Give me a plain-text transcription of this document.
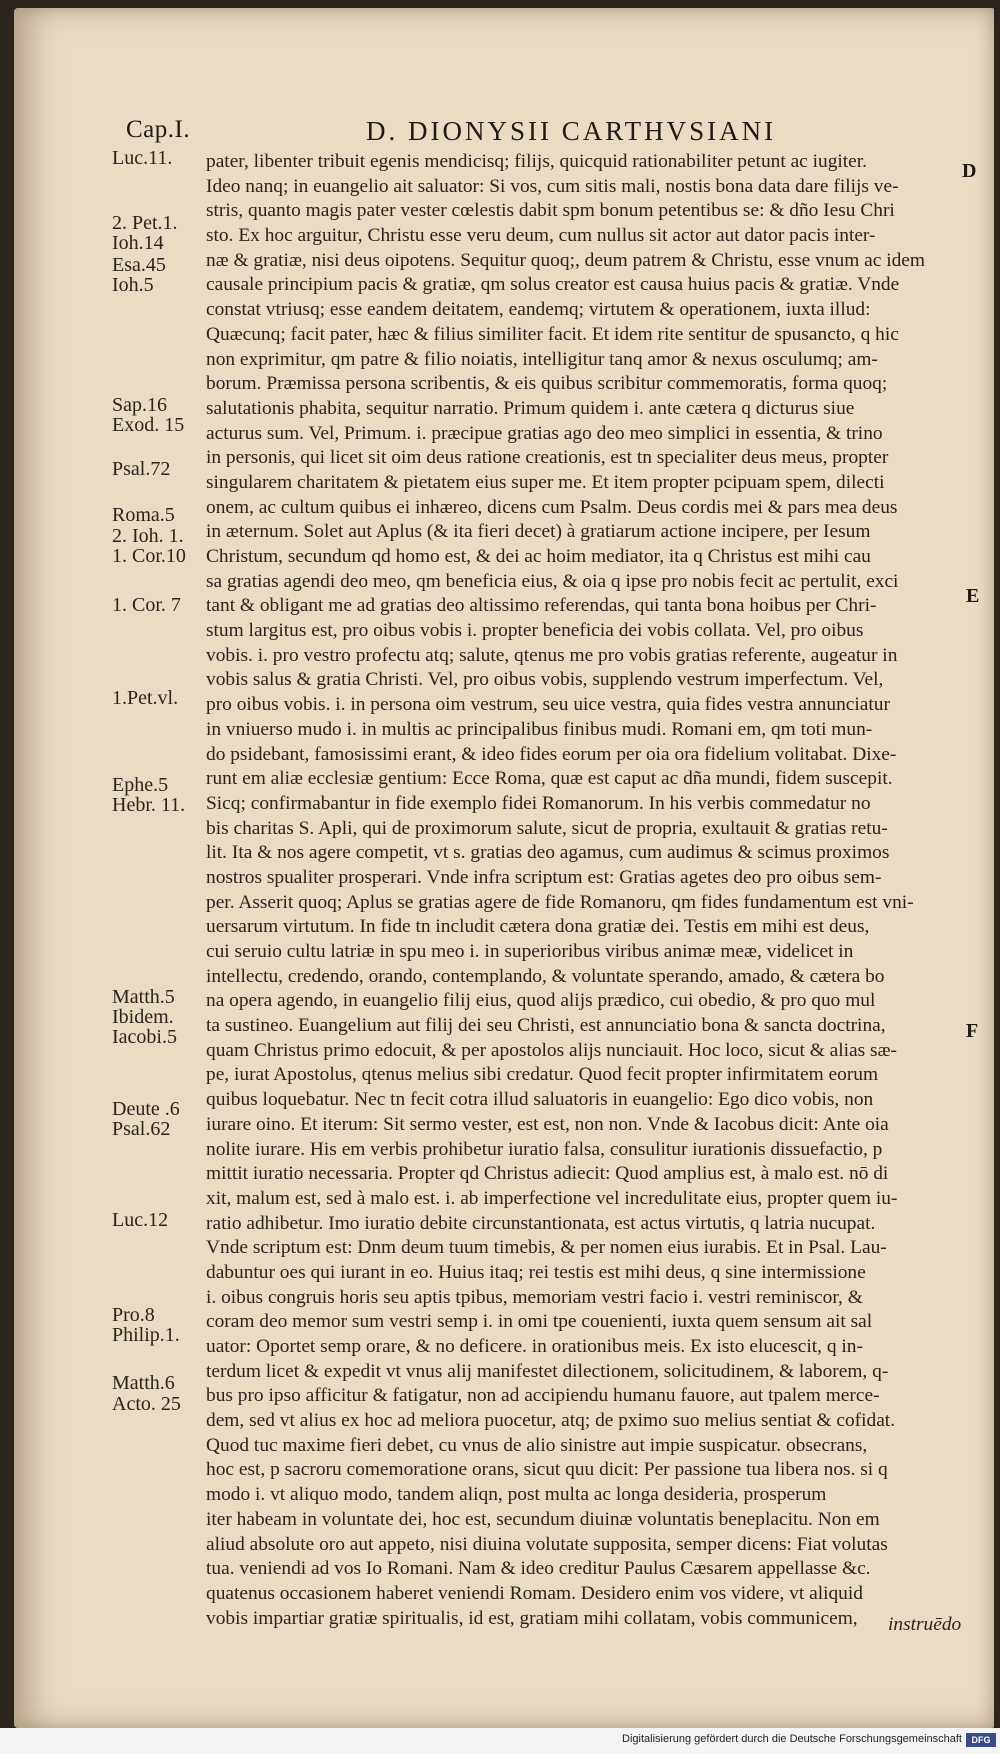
Cap.I.	D. DIONYSII CARTHVSIANI
Luc.11.
2. Pet.1.
Ioh.14
Esa.45
Ioh.5
Sap.16
Exod. 15
Psal.72
Roma.5
2. Ioh. 1.
1. Cor.10
1. Cor. 7
1.Pet.vl.
Ephe.5
Hebr. 11.
Matth.5
Ibidem.
Iacobi.5
Deute .6
Psal.62
Luc.12
Pro.8
Philip.1.
Matth.6
Acto. 25
D
E
F
pater, libenter tribuit egenis mendicisq; filijs, quicquid rationabiliter petunt ac iugiter.
Ideo nanq; in euangelio ait saluator: Si vos, cum sitis mali, nostis bona data dare filijs ve-
stris, quanto magis pater vester cœlestis dabit spm bonum petentibus se: & dño Iesu Chri
sto. Ex hoc arguitur, Christu esse veru deum, cum nullus sit actor aut dator pacis inter-
næ & gratiæ, nisi deus oipotens. Sequitur quoq;, deum patrem & Christu, esse vnum ac idem
causale principium pacis & gratiæ, qm solus creator est causa huius pacis & gratiæ. Vnde
constat vtriusq; esse eandem deitatem, eandemq; virtutem & operationem, iuxta illud:
Quæcunq; facit pater, hæc & filius similiter facit. Et idem rite sentitur de spusancto, q hic
non exprimitur, qm patre & filio noiatis, intelligitur tanq amor & nexus osculumq; am-
borum. Præmissa persona scribentis, & eis quibus scribitur commemoratis, forma quoq;
salutationis phabita, sequitur narratio. Primum quidem i. ante cætera q dicturus siue
acturus sum. Vel, Primum. i. præcipue gratias ago deo meo simplici in essentia, & trino
in personis, qui licet sit oim deus ratione creationis, est tn specialiter deus meus, propter
singularem charitatem & pietatem eius super me. Et item propter pcipuam spem, dilecti
onem, ac cultum quibus ei inhæreo, dicens cum Psalm. Deus cordis mei & pars mea deus
in æternum. Solet aut Aplus (& ita fieri decet) à gratiarum actione incipere, per Iesum
Christum, secundum qd homo est, & dei ac hoim mediator, ita q Christus est mihi cau
sa gratias agendi deo meo, qm beneficia eius, & oia q ipse pro nobis fecit ac pertulit, exci
tant & obligant me ad gratias deo altissimo referendas, qui tanta bona hoibus per Chri-
stum largitus est, pro oibus vobis i. propter beneficia dei vobis collata. Vel, pro oibus
vobis. i. pro vestro profectu atq; salute, qtenus me pro vobis gratias referente, augeatur in
vobis salus & gratia Christi. Vel, pro oibus vobis, supplendo vestrum imperfectum. Vel,
pro oibus vobis. i. in persona oim vestrum, seu uice vestra, quia fides vestra annunciatur
in vniuerso mudo i. in multis ac principalibus finibus mudi. Romani em, qm toti mun-
do psidebant, famosissimi erant, & ideo fides eorum per oia ora fidelium volitabat. Dixe-
runt em aliæ ecclesiæ gentium: Ecce Roma, quæ est caput ac dña mundi, fidem suscepit.
Sicq; confirmabantur in fide exemplo fidei Romanorum. In his verbis commedatur no
bis charitas S. Apli, qui de proximorum salute, sicut de propria, exultauit & gratias retu-
lit. Ita & nos agere competit, vt s. gratias deo agamus, cum audimus & scimus proximos
nostros spualiter prosperari. Vnde infra scriptum est: Gratias agetes deo pro oibus sem-
per. Asserit quoq; Aplus se gratias agere de fide Romanoru, qm fides fundamentum est vni-
uersarum virtutum. In fide tn includit cætera dona gratiæ dei. Testis em mihi est deus,
cui seruio cultu latriæ in spu meo i. in superioribus viribus animæ meæ, videlicet in
intellectu, credendo, orando, contemplando, & voluntate sperando, amado, & cætera bo
na opera agendo, in euangelio filij eius, quod alijs prædico, cui obedio, & pro quo mul
ta sustineo. Euangelium aut filij dei seu Christi, est annunciatio bona & sancta doctrina,
quam Christus primo edocuit, & per apostolos alijs nunciauit. Hoc loco, sicut & alias sæ-
pe, iurat Apostolus, qtenus melius sibi credatur. Quod fecit propter infirmitatem eorum
quibus loquebatur. Nec tn fecit cotra illud saluatoris in euangelio: Ego dico vobis, non
iurare oino. Et iterum: Sit sermo vester, est est, non non. Vnde & Iacobus dicit: Ante oia
nolite iurare. His em verbis prohibetur iuratio falsa, consulitur iurationis dissuefactio, p
mittit iuratio necessaria. Propter qd Christus adiecit: Quod amplius est, à malo est. nō di
xit, malum est, sed à malo est. i. ab imperfectione vel incredulitate eius, propter quem iu-
ratio adhibetur. Imo iuratio debite circunstantionata, est actus virtutis, q latria nucupat.
Vnde scriptum est: Dnm deum tuum timebis, & per nomen eius iurabis. Et in Psal. Lau-
dabuntur oes qui iurant in eo. Huius itaq; rei testis est mihi deus, q sine intermissione
i. oibus congruis horis seu aptis tpibus, memoriam vestri facio i. vestri reminiscor, &
coram deo memor sum vestri semp i. in omi tpe couenienti, iuxta quem sensum ait sal
uator: Oportet semp orare, & no deficere. in orationibus meis. Ex isto elucescit, q in-
terdum licet & expedit vt vnus alij manifestet dilectionem, solicitudinem, & laborem, q-
bus pro ipso afficitur & fatigatur, non ad accipiendu humanu fauore, aut tpalem merce-
dem, sed vt alius ex hoc ad meliora puocetur, atq; de pximo suo melius sentiat & cofidat.
Quod tuc maxime fieri debet, cu vnus de alio sinistre aut impie suspicatur. obsecrans,
hoc est, p sacroru comemoratione orans, sicut quu dicit: Per passione tua libera nos. si q
modo i. vt aliquo modo, tandem aliqn, post multa ac longa desideria, prosperum
iter habeam in voluntate dei, hoc est, secundum diuinæ voluntatis beneplacitu. Non em
aliud absolute oro aut appeto, nisi diuina volutate supposita, semper dicens: Fiat volutas
tua. veniendi ad vos Io Romani. Nam & ideo creditur Paulus Cæsarem appellasse &c.
quatenus occasionem haberet veniendi Romam. Desidero enim vos videre, vt aliquid
vobis impartiar gratiæ spiritualis, id est, gratiam mihi collatam, vobis communicem,	instruēdo
Digitalisierung gefördert durch die Deutsche Forschungsgemeinschaft	DFG
